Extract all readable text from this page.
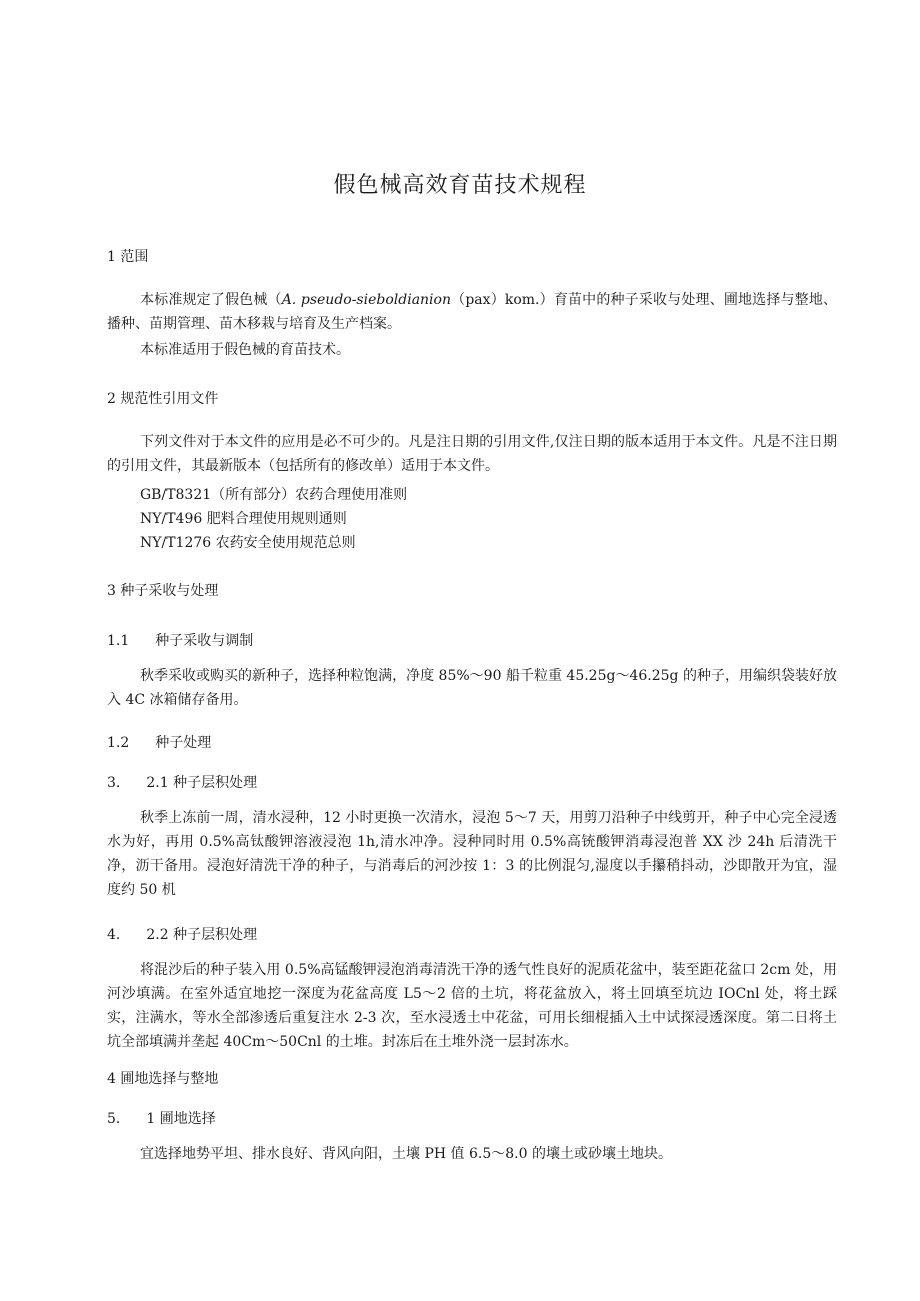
假色械高效育苗技术规程
1 范围

本标准规定了假色械（A. pseudo-sieboldianion（pax）kom.）育苗中的种子采收与处理、圃地选择与整地、播种、苗期管理、苗木移栽与培育及生产档案。

本标准适用于假色械的育苗技术。

2 规范性引用文件

下列文件对于本文件的应用是必不可少的。凡是注日期的引用文件,仅注日期的版本适用于本文件。凡是不注日期的引用文件，其最新版本（包括所有的修改单）适用于本文件。

GB/T8321（所有部分）农药合理使用准则
NY/T496 肥料合理使用规则通则
NY/T1276 农药安全使用规范总则
3 种子采收与处理
1.1 种子采收与调制

秋季采收或购买的新种子，选择种粒饱满，净度 85%～90 船千粒重 45.25g～46.25g 的种子，用编织袋装好放入 4C 冰箱储存备用。

1.2 种子处理
3. 2.1 种子层积处理

秋季上冻前一周，清水浸种，12 小时更换一次清水，浸泡 5～7 天，用剪刀沿种子中线剪开，种子中心完全浸透水为好，再用 0.5%高钛酸钾溶液浸泡 1h,清水冲净。浸种同时用 0.5%高铳酸钾消毒浸泡普 XX 沙 24h 后清洗干净，沥干备用。浸泡好清洗干净的种子，与消毒后的河沙按 1：3 的比例混匀,湿度以手攥稍抖动，沙即散开为宜，湿度约 50 机

4. 2.2 种子层积处理

将混沙后的种子装入用 0.5%高锰酸钾浸泡消毒清洗干净的透气性良好的泥质花盆中，装至距花盆口 2cm 处，用河沙填满。在室外适宜地挖一深度为花盆高度 L5～2 倍的土坑，将花盆放入，将土回填至坑边 IOCnl 处，将土踩实，注满水，等水全部渗透后重复注水 2-3 次，至水浸透土中花盆，可用长细棍插入土中试探浸透深度。第二日将土坑全部填满并垄起 40Cm～50Cnl 的土堆。封冻后在土堆外浇一层封冻水。

4 圃地选择与整地
5. 1 圃地选择

宜选择地势平坦、排水良好、背风向阳，土壤 PH 值 6.5～8.0 的壤土或砂壤土地块。
